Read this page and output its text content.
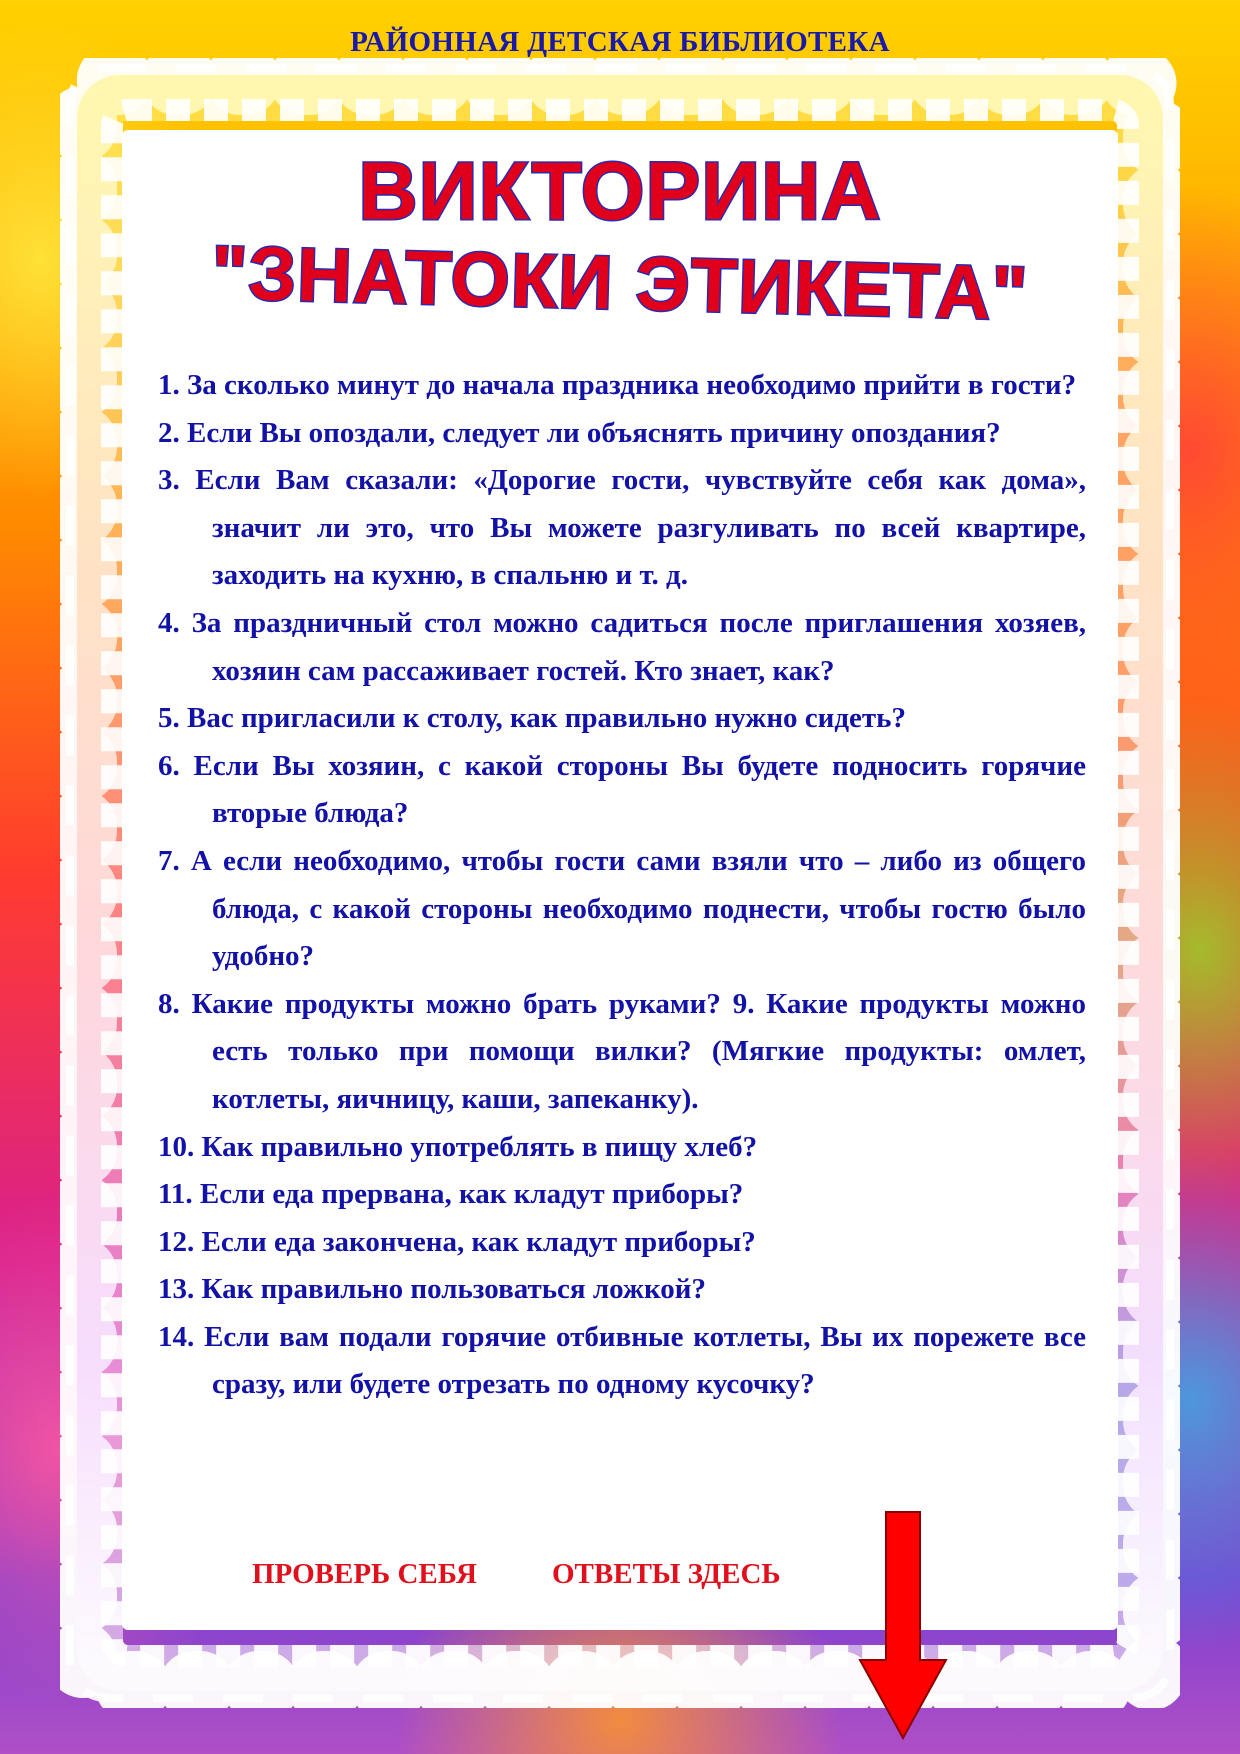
РАЙОННАЯ ДЕТСКАЯ БИБЛИОТЕКА
ВИКТОРИНА
"ЗНАТОКИ ЭТИКЕТА"

1. За сколько минут до начала праздника необходимо прийти в гости?

2. Если Вы опоздали, следует ли объяснять причину опоздания?

3. Если Вам сказали: «Дорогие гости, чувствуйте себя как дома», значит ли это, что Вы можете разгуливать по всей квартире, заходить на кухню, в спальню и т. д.

4. За праздничный стол можно садиться после приглашения хозяев, хозяин сам рассаживает гостей. Кто знает, как?

5. Вас пригласили к столу, как правильно нужно сидеть?

6. Если Вы хозяин, с какой стороны Вы будете подносить горячие вторые блюда?

7. А если необходимо, чтобы гости сами взяли что – либо из общего блюда, с какой стороны необходимо поднести, чтобы гостю было удобно?

8. Какие продукты можно брать руками? 9. Какие продукты можно есть только при помощи вилки? (Мягкие продукты: омлет, котлеты, яичницу, каши, запеканку).

10. Как правильно употреблять в пищу хлеб?

11. Если еда прервана, как кладут приборы?

12. Если еда закончена, как кладут приборы?

13. Как правильно пользоваться ложкой?

14. Если вам подали горячие отбивные котлеты, Вы их порежете все сразу, или будете отрезать по одному кусочку?

ПРОВЕРЬ СЕБЯ	ОТВЕТЫ ЗДЕСЬ
